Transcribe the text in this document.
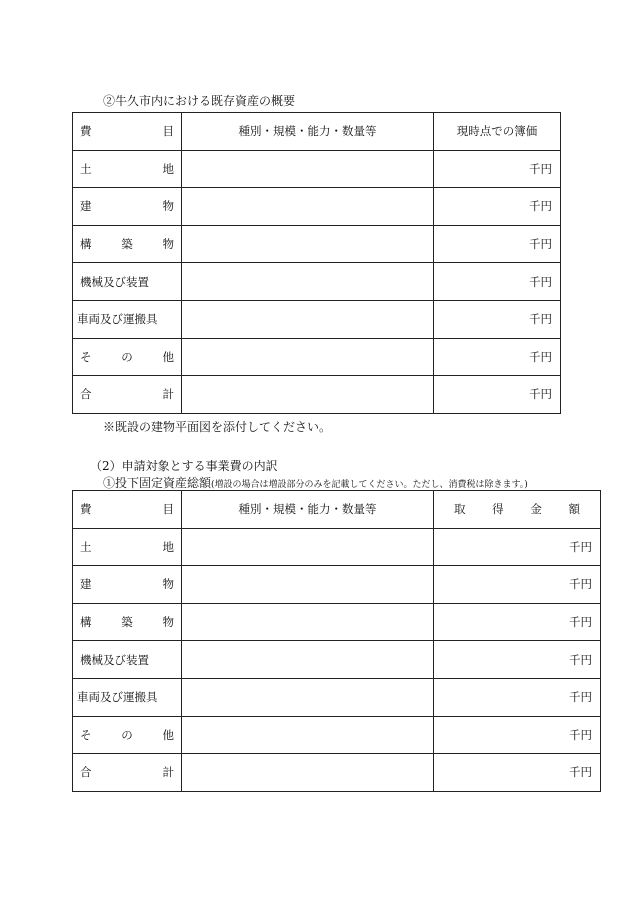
②牛久市内における既存資産の概要
費 目	種別・規模・能力・数量等	現時点での簿価

土 地		千円

建 物		千円

構 築 物		千円
機械及び装置		千円
車両及び運搬具		千円

そ の 他		千円

合 計		千円
※既設の建物平面図を添付してください。
（2）申請対象とする事業費の内訳
①投下固定資産総額(増設の場合は増設部分のみを記載してください。ただし、消費税は除きます。)
費 目	種別・規模・能力・数量等	取 得 金 額

土 地		千円

建 物		千円

構 築 物		千円
機械及び装置		千円
車両及び運搬具		千円

そ の 他		千円

合 計		千円
